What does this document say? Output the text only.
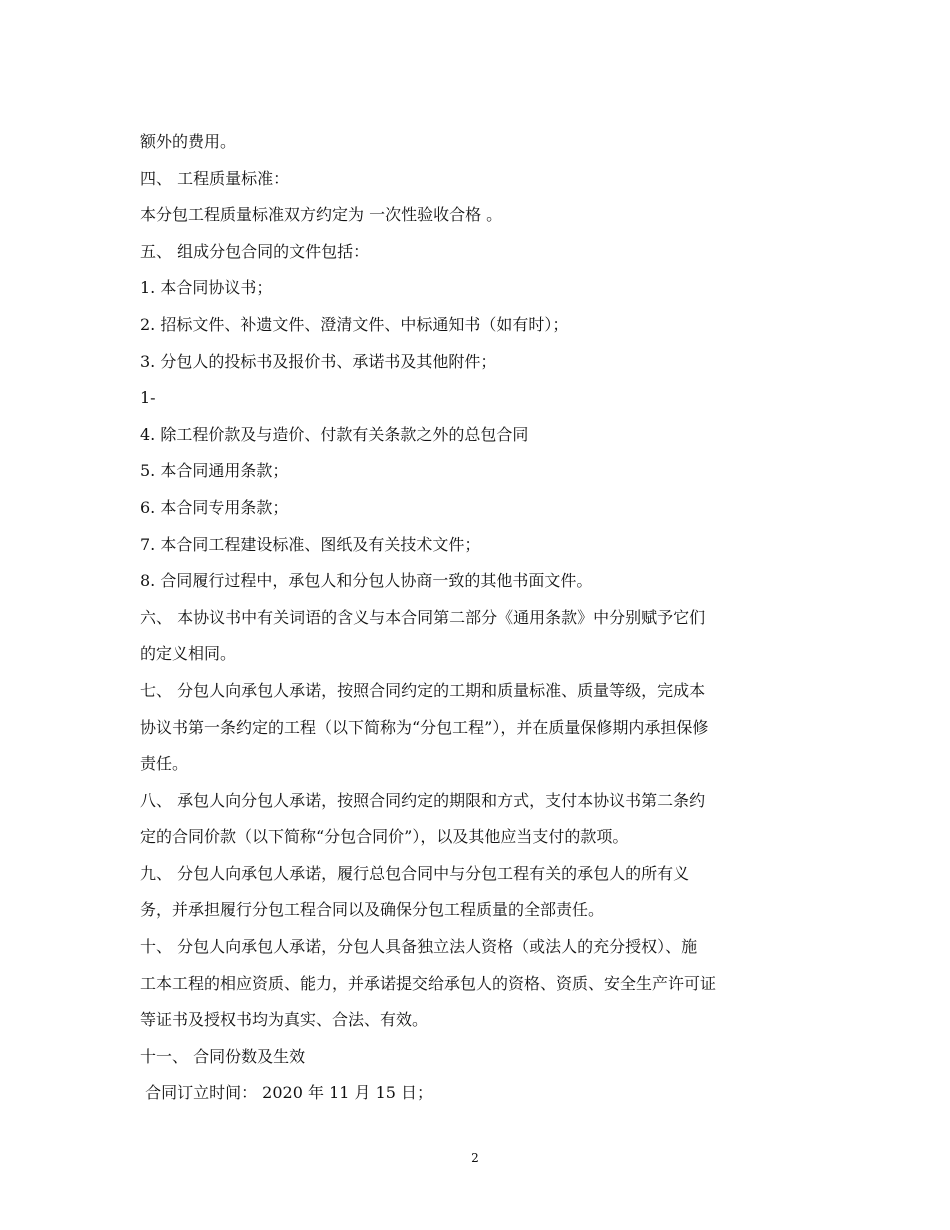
额外的费用。
四、 工程质量标准：
本分包工程质量标准双方约定为 一次性验收合格 。
五、 组成分包合同的文件包括：
1. 本合同协议书；
2. 招标文件、补遗文件、澄清文件、中标通知书（如有时）；
3. 分包人的投标书及报价书、承诺书及其他附件；
1-
4. 除工程价款及与造价、付款有关条款之外的总包合同
5. 本合同通用条款；
6. 本合同专用条款；
7. 本合同工程建设标准、图纸及有关技术文件；
8. 合同履行过程中，承包人和分包人协商一致的其他书面文件。
六、 本协议书中有关词语的含义与本合同第二部分《通用条款》中分别赋予它们
的定义相同。
七、 分包人向承包人承诺，按照合同约定的工期和质量标准、质量等级，完成本
协议书第一条约定的工程（以下简称为“分包工程”），并在质量保修期内承担保修
责任。
八、 承包人向分包人承诺，按照合同约定的期限和方式，支付本协议书第二条约
定的合同价款（以下简称“分包合同价”），以及其他应当支付的款项。
九、 分包人向承包人承诺，履行总包合同中与分包工程有关的承包人的所有义
务，并承担履行分包工程合同以及确保分包工程质量的全部责任。
十、 分包人向承包人承诺，分包人具备独立法人资格（或法人的充分授权）、施
工本工程的相应资质、能力，并承诺提交给承包人的资格、资质、安全生产许可证
等证书及授权书均为真实、合法、有效。
十一、 合同份数及生效
合同订立时间： 2020 年 11 月 15 日；
2
